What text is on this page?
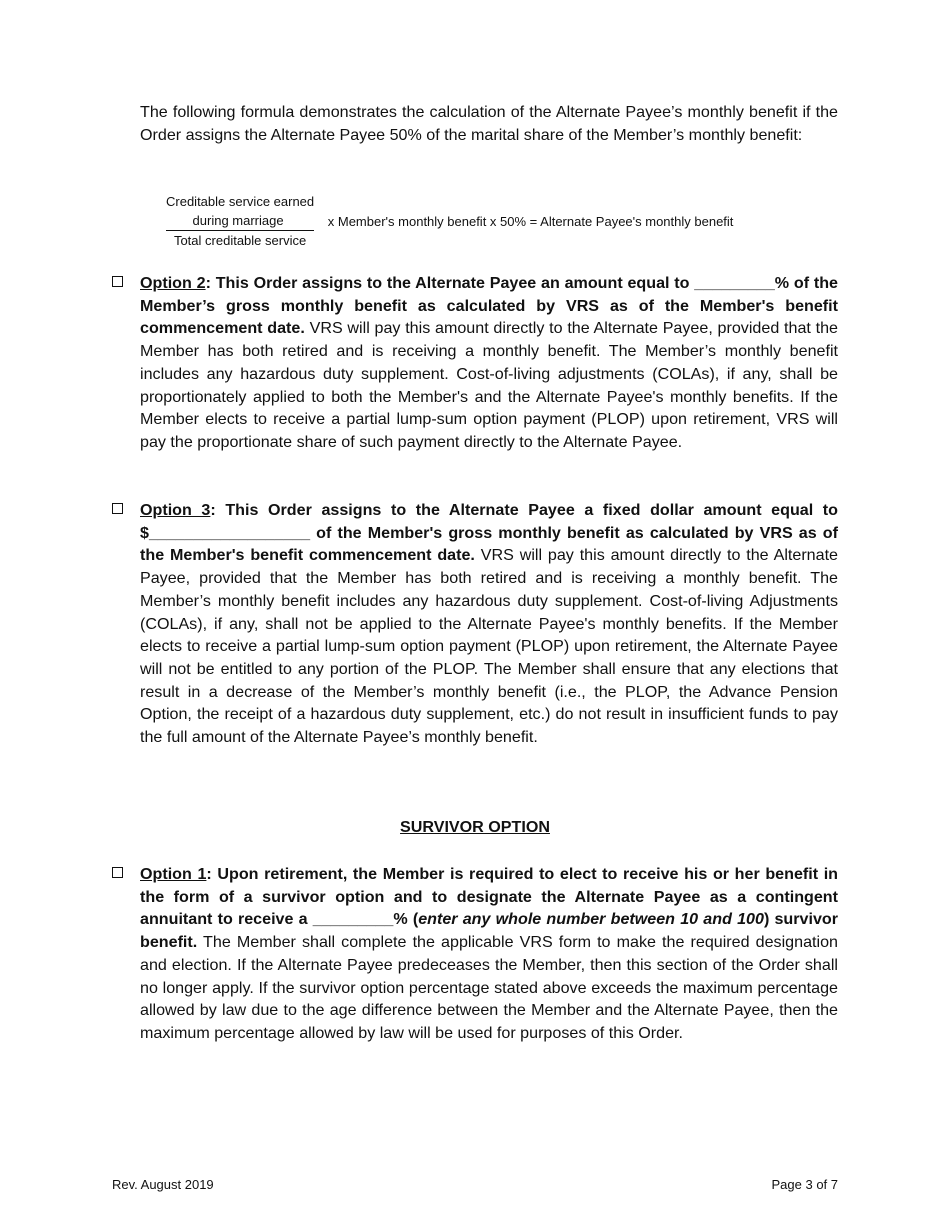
The following formula demonstrates the calculation of the Alternate Payee’s monthly benefit if the Order assigns the Alternate Payee 50% of the marital share of the Member’s monthly benefit:
Creditable service earned
during marriage
Total creditable service
x Member's monthly benefit x 50% = Alternate Payee's monthly benefit
Option 2: This Order assigns to the Alternate Payee an amount equal to _________% of the Member’s gross monthly benefit as calculated by VRS as of the Member's benefit commencement date. VRS will pay this amount directly to the Alternate Payee, provided that the Member has both retired and is receiving a monthly benefit. The Member’s monthly benefit includes any hazardous duty supplement. Cost-of-living adjustments (COLAs), if any, shall be proportionately applied to both the Member's and the Alternate Payee's monthly benefits. If the Member elects to receive a partial lump-sum option payment (PLOP) upon retirement, VRS will pay the proportionate share of such payment directly to the Alternate Payee.
Option 3: This Order assigns to the Alternate Payee a fixed dollar amount equal to $__________________ of the Member's gross monthly benefit as calculated by VRS as of the Member's benefit commencement date. VRS will pay this amount directly to the Alternate Payee, provided that the Member has both retired and is receiving a monthly benefit. The Member’s monthly benefit includes any hazardous duty supplement. Cost-of-living Adjustments (COLAs), if any, shall not be applied to the Alternate Payee's monthly benefits. If the Member elects to receive a partial lump-sum option payment (PLOP) upon retirement, the Alternate Payee will not be entitled to any portion of the PLOP. The Member shall ensure that any elections that result in a decrease of the Member’s monthly benefit (i.e., the PLOP, the Advance Pension Option, the receipt of a hazardous duty supplement, etc.) do not result in insufficient funds to pay the full amount of the Alternate Payee’s monthly benefit.
SURVIVOR OPTION
Option 1: Upon retirement, the Member is required to elect to receive his or her benefit in the form of a survivor option and to designate the Alternate Payee as a contingent annuitant to receive a _________% (enter any whole number between 10 and 100) survivor benefit. The Member shall complete the applicable VRS form to make the required designation and election. If the Alternate Payee predeceases the Member, then this section of the Order shall no longer apply. If the survivor option percentage stated above exceeds the maximum percentage allowed by law due to the age difference between the Member and the Alternate Payee, then the maximum percentage allowed by law will be used for purposes of this Order.
Rev. August 2019	Page 3 of 7
